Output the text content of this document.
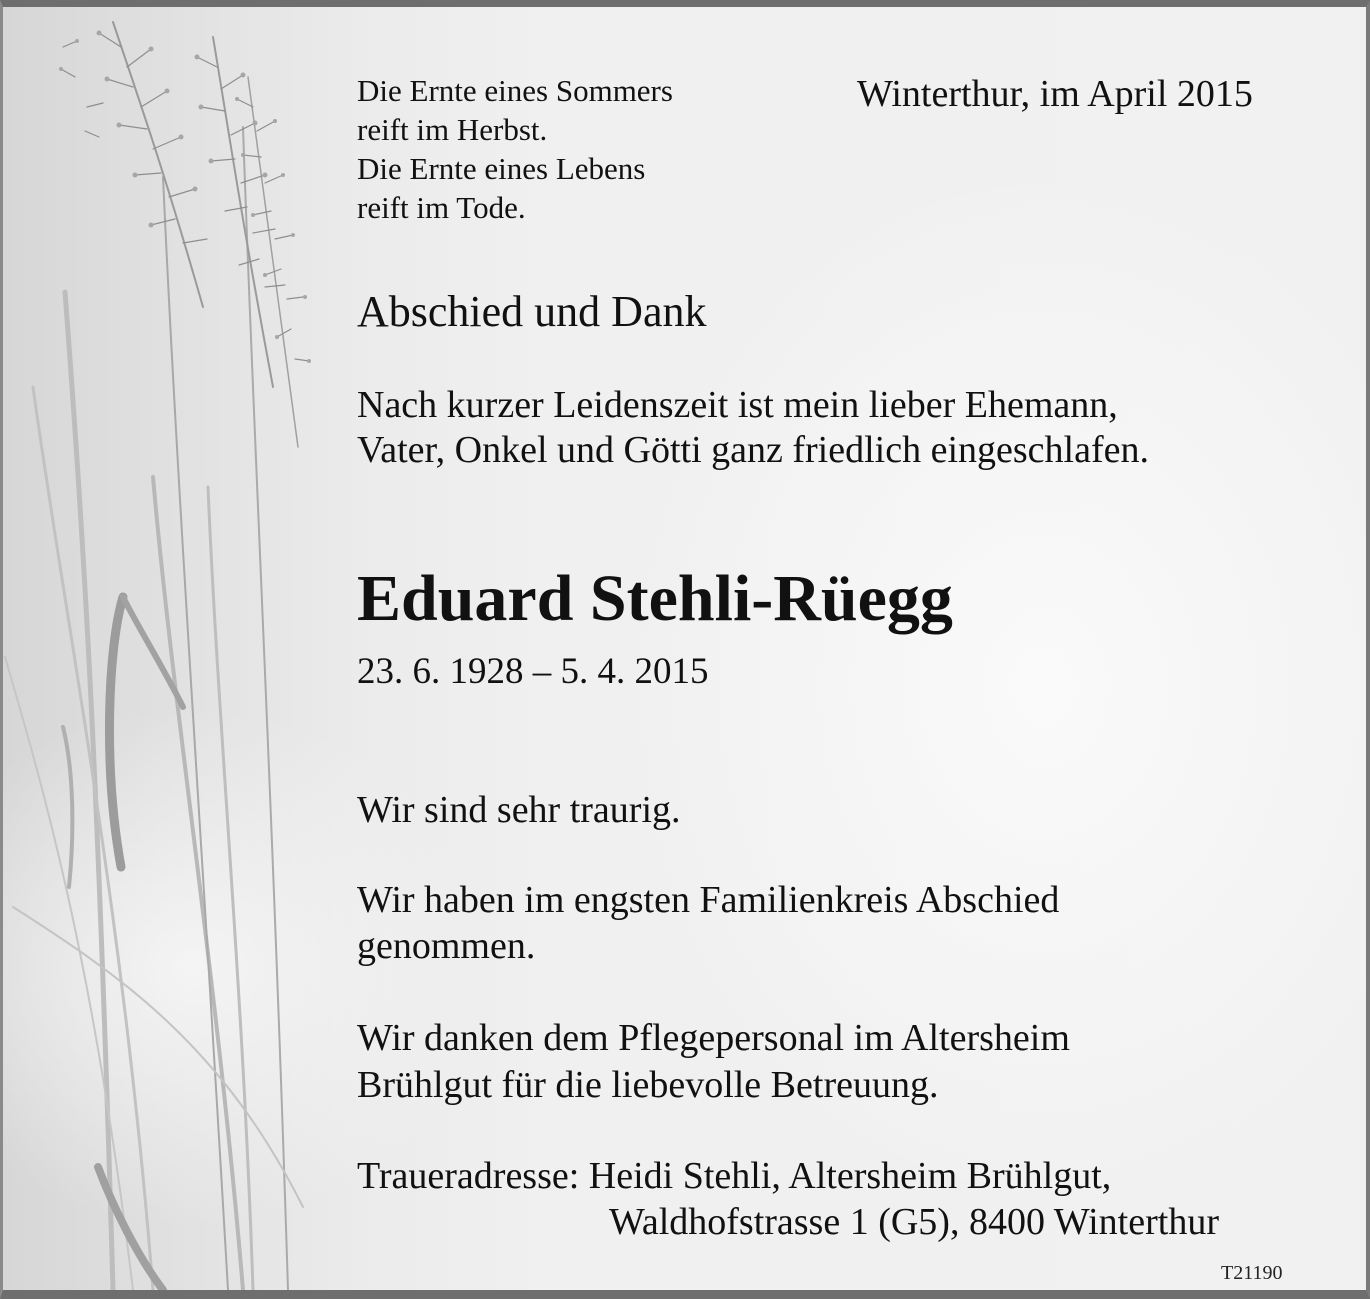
Die Ernte eines Sommers
reift im Herbst.
Die Ernte eines Lebens
reift im Tode.

Winterthur, im April 2015

Abschied und Dank

Nach kurzer Leidenszeit ist mein lieber Ehemann,
Vater, Onkel und Götti ganz friedlich eingeschlafen.

Eduard Stehli-Rüegg

23. 6. 1928 – 5. 4. 2015

Wir sind sehr traurig.

Wir haben im engsten Familienkreis Abschied
genommen.

Wir danken dem Pflegepersonal im Altersheim
Brühlgut für die liebevolle Betreuung.

Traueradresse: Heidi Stehli, Altersheim Brühlgut,

Waldhofstrasse 1 (G5), 8400 Winterthur

T21190
